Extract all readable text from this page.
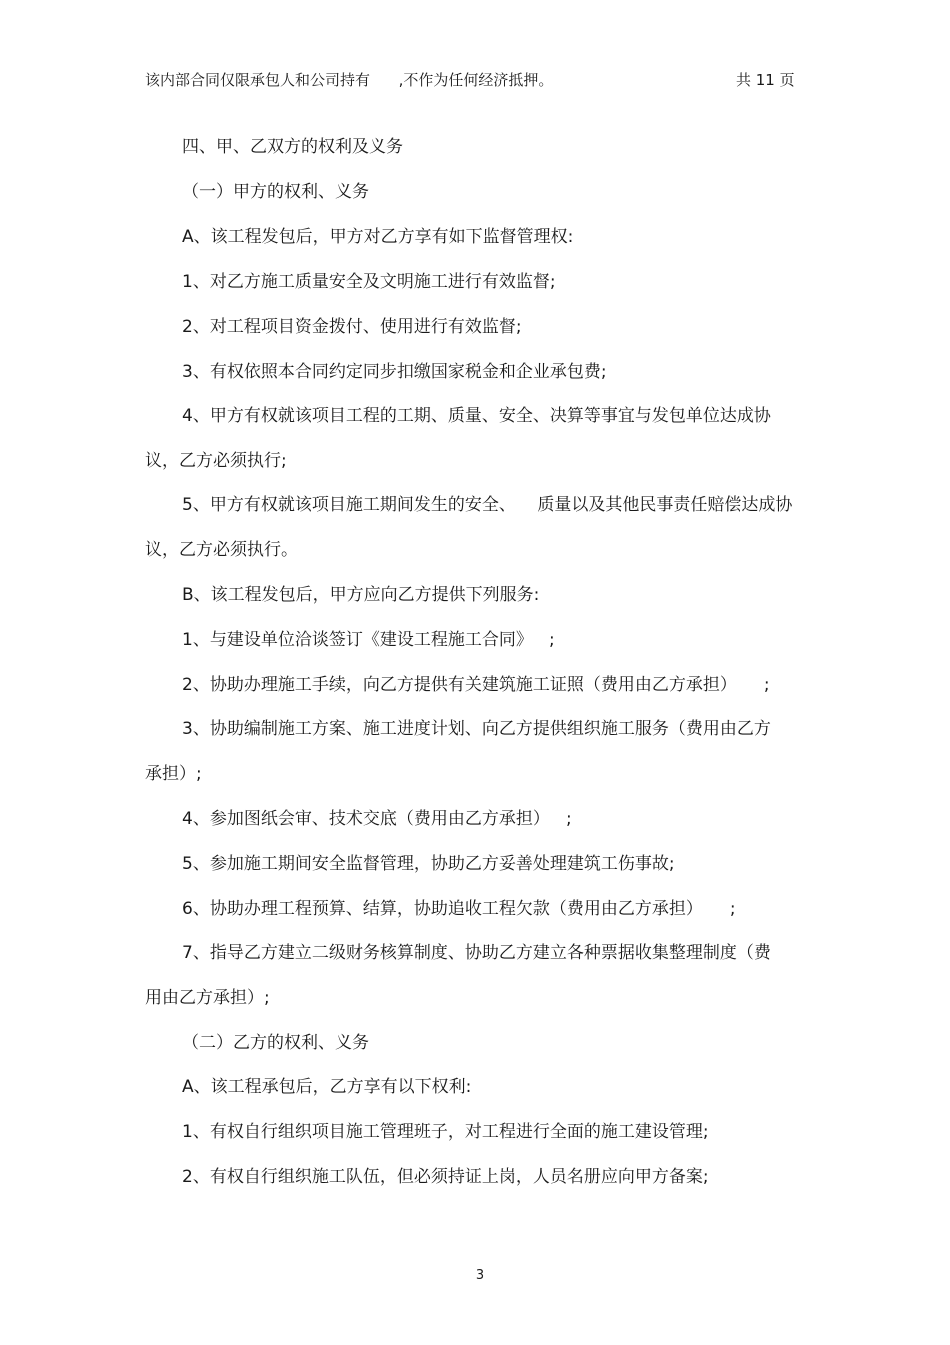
该内部合同仅限承包人和公司持有      ,不作为任何经济抵押。	共 11 页
四、甲、乙双方的权利及义务
（一）甲方的权利、义务
A、该工程发包后，甲方对乙方享有如下监督管理权:
1、对乙方施工质量安全及文明施工进行有效监督;
2、对工程项目资金拨付、使用进行有效监督;
3、有权依照本合同约定同步扣缴国家税金和企业承包费;
4、甲方有权就该项目工程的工期、质量、安全、决算等事宜与发包单位达成协
议，乙方必须执行;
5、甲方有权就该项目施工期间发生的安全、    质量以及其他民事责任赔偿达成协
议，乙方必须执行。
B、该工程发包后，甲方应向乙方提供下列服务:
1、与建设单位洽谈签订《建设工程施工合同》   ;
2、协助办理施工手续，向乙方提供有关建筑施工证照（费用由乙方承担）     ;
3、协助编制施工方案、施工进度计划、向乙方提供组织施工服务（费用由乙方
承担）;
4、参加图纸会审、技术交底（费用由乙方承担）   ;
5、参加施工期间安全监督管理，协助乙方妥善处理建筑工伤事故;
6、协助办理工程预算、结算，协助追收工程欠款（费用由乙方承担）     ;
7、指导乙方建立二级财务核算制度、协助乙方建立各种票据收集整理制度（费
用由乙方承担）;
（二）乙方的权利、义务
A、该工程承包后，乙方享有以下权利:
1、有权自行组织项目施工管理班子，对工程进行全面的施工建设管理;
2、有权自行组织施工队伍，但必须持证上岗，人员名册应向甲方备案;
3
